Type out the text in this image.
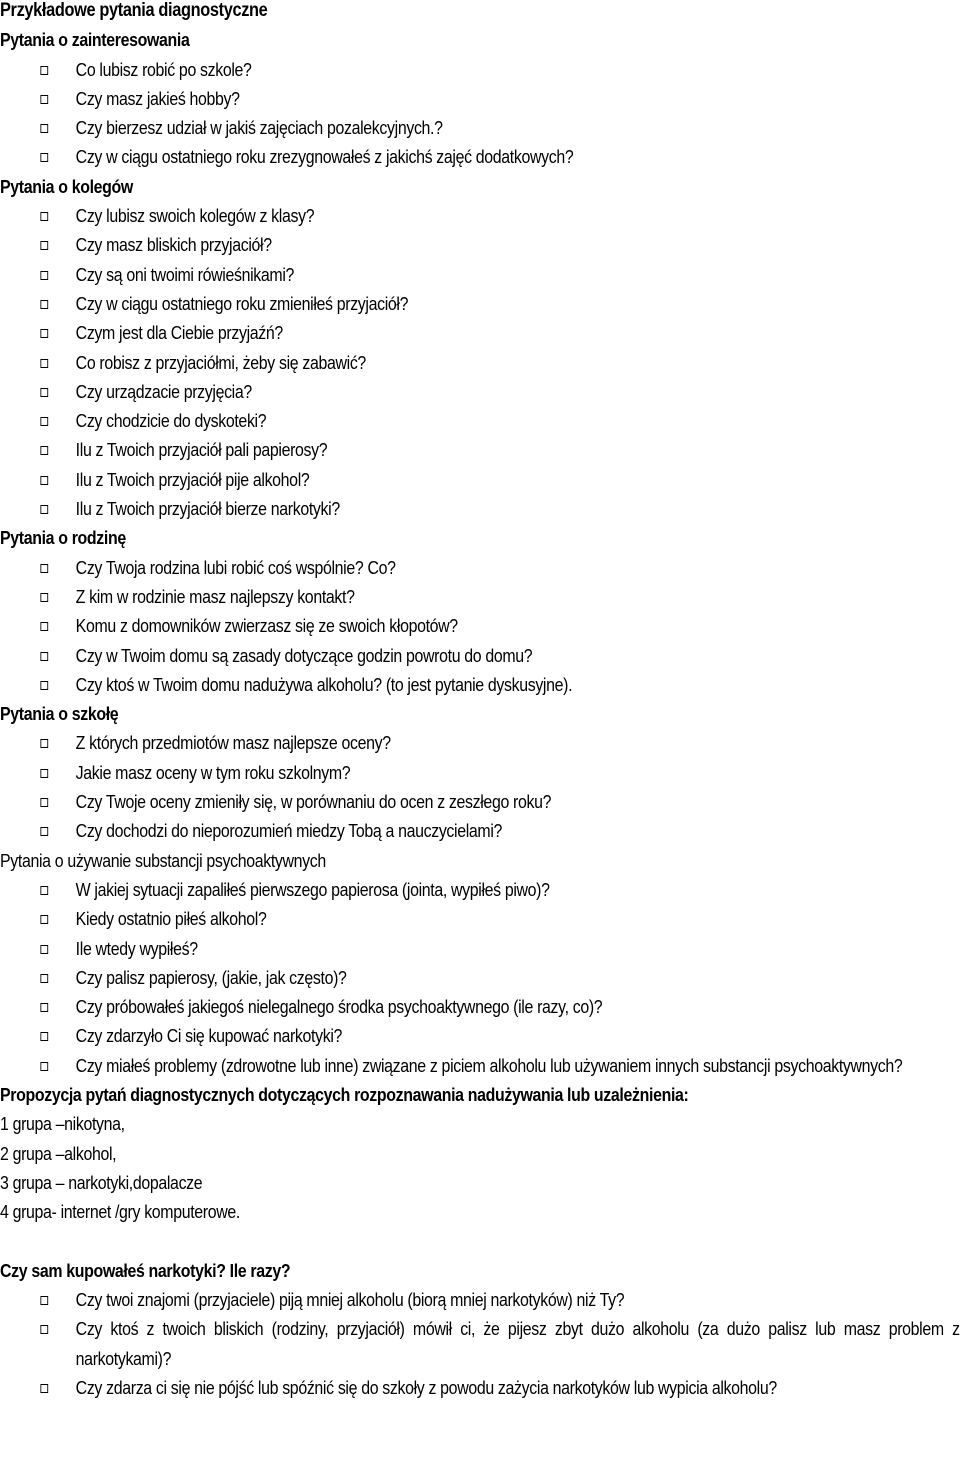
Przykładowe pytania diagnostyczne
Pytania o zainteresowania
Co lubisz robić po szkole?
Czy masz jakieś hobby?
Czy bierzesz udział w jakiś zajęciach pozalekcyjnych.?
Czy w ciągu ostatniego roku zrezygnowałeś z jakichś zajęć dodatkowych?
Pytania o kolegów
Czy lubisz swoich kolegów z klasy?
Czy masz bliskich przyjaciół?
Czy są oni twoimi rówieśnikami?
Czy w ciągu ostatniego roku zmieniłeś przyjaciół?
Czym jest dla Ciebie przyjaźń?
Co robisz z przyjaciółmi, żeby się zabawić?
Czy urządzacie przyjęcia?
Czy chodzicie do dyskoteki?
Ilu z Twoich przyjaciół pali papierosy?
Ilu z Twoich przyjaciół pije alkohol?
Ilu z Twoich przyjaciół bierze narkotyki?
Pytania o rodzinę
Czy Twoja rodzina lubi robić coś wspólnie? Co?
Z kim w rodzinie masz najlepszy kontakt?
Komu z domowników zwierzasz się ze swoich kłopotów?
Czy w Twoim domu są zasady dotyczące godzin powrotu do domu?
Czy ktoś w Twoim domu nadużywa alkoholu? (to jest pytanie dyskusyjne).
Pytania o szkołę
Z których przedmiotów masz najlepsze oceny?
Jakie masz oceny w tym roku szkolnym?
Czy Twoje oceny zmieniły się, w porównaniu do ocen z zeszłego roku?
Czy dochodzi do nieporozumień miedzy Tobą a nauczycielami?
Pytania o używanie substancji psychoaktywnych
W jakiej sytuacji zapaliłeś pierwszego papierosa (jointa, wypiłeś piwo)?
Kiedy ostatnio piłeś alkohol?
Ile wtedy wypiłeś?
Czy palisz papierosy, (jakie, jak często)?
Czy próbowałeś jakiegoś nielegalnego środka psychoaktywnego (ile razy, co)?
Czy zdarzyło Ci się kupować narkotyki?
Czy miałeś problemy (zdrowotne lub inne) związane z piciem alkoholu lub używaniem innych substancji psychoaktywnych?
Propozycja pytań diagnostycznych dotyczących rozpoznawania nadużywania lub uzależnienia:
1 grupa –nikotyna,
2 grupa –alkohol,
3 grupa – narkotyki,dopalacze
4 grupa- internet /gry komputerowe.
Czy sam kupowałeś narkotyki? Ile razy?
Czy twoi znajomi (przyjaciele) piją mniej alkoholu (biorą mniej narkotyków) niż Ty?
Czy ktoś z twoich bliskich (rodziny, przyjaciół) mówił ci, że pijesz zbyt dużo alkoholu (za dużo palisz lub masz problem z narkotykami)?
Czy zdarza ci się nie pójść lub spóźnić się do szkoły z powodu zażycia narkotyków lub wypicia alkoholu?
